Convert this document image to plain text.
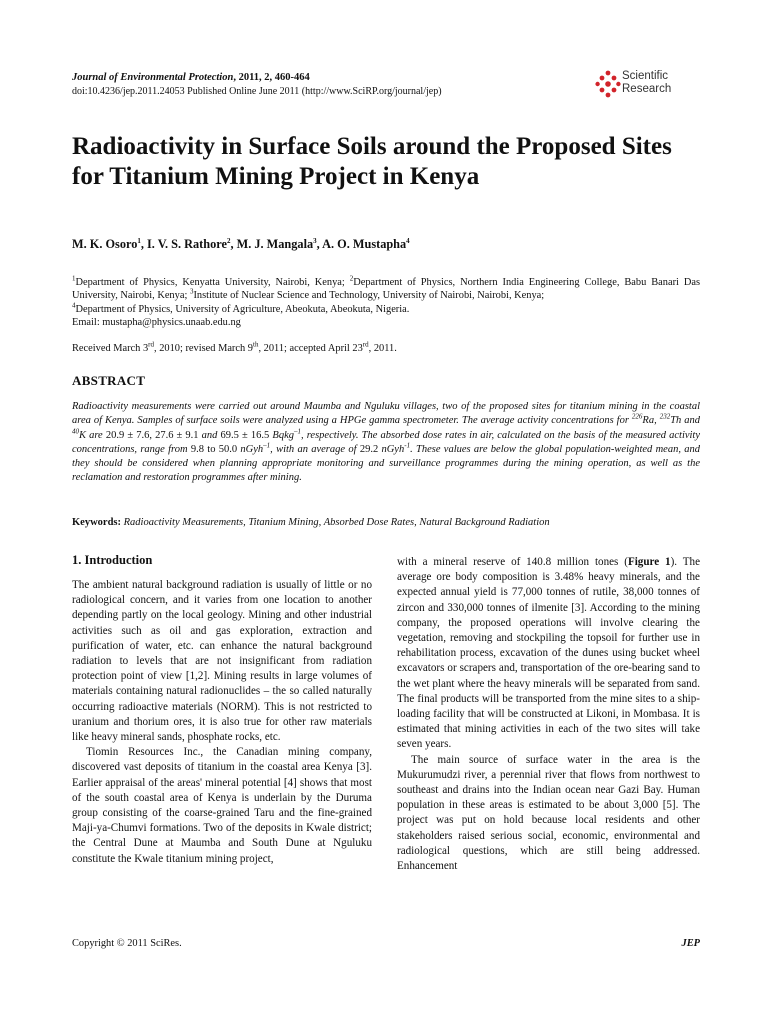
Journal of Environmental Protection, 2011, 2, 460-464
doi:10.4236/jep.2011.24053 Published Online June 2011 (http://www.SciRP.org/journal/jep)
Scientific
Research
Radioactivity in Surface Soils around the Proposed Sites for Titanium Mining Project in Kenya
M. K. Osoro$^1$, I. V. S. Rathore$^2$, M. J. Mangala$^3$, A. O. Mustapha$^4$

$^1$Department of Physics, Kenyatta University, Nairobi, Kenya; $^2$Department of Physics, Northern India Engineering College, Babu Banari Das University, Nairobi, Kenya; $^3$Institute of Nuclear Science and Technology, University of Nairobi, Nairobi, Kenya;

$^4$Department of Physics, University of Agriculture, Abeokuta, Abeokuta, Nigeria.

Email: mustapha@physics.unaab.edu.ng

Received March 3rd, 2010; revised March 9th, 2011; accepted April 23rd, 2011.
ABSTRACT
Radioactivity measurements were carried out around Maumba and Nguluku villages, two of the proposed sites for titanium mining in the coastal area of Kenya. Samples of surface soils were analyzed using a HPGe gamma spectrometer. The average activity concentrations for $^{226}$Ra, $^{232}$Th and $^{40}$K are 20.9 ± 7.6, 27.6 ± 9.1 and 69.5 ± 16.5 Bqkg$^{-1}$, respectively. The absorbed dose rates in air, calculated on the basis of the measured activity concentrations, range from 9.8 to 50.0 nGyh$^{-1}$, with an average of 29.2 nGyh$^{-1}$. These values are below the global population-weighted mean, and they should be considered when planning appropriate monitoring and surveillance programmes during the mining operation, as well as the reclamation and restoration programmes after mining.
Keywords: Radioactivity Measurements, Titanium Mining, Absorbed Dose Rates, Natural Background Radiation
1. Introduction

The ambient natural background radiation is usually of little or no radiological concern, and it varies from one location to another depending partly on the local geology. Mining and other industrial activities such as oil and gas exploration, extraction and purification of water, etc. can enhance the natural background radiation to levels that are not insignificant from radiation protection point of view [1,2]. Mining results in large volumes of materials containing natural radionuclides – the so called naturally occurring radioactive materials (NORM). This is not restricted to uranium and thorium ores, it is also true for other raw materials like heavy mineral sands, phosphate rocks, etc.

Tiomin Resources Inc., the Canadian mining company, discovered vast deposits of titanium in the coastal area Kenya [3]. Earlier appraisal of the areas' mineral potential [4] shows that most of the south coastal area of Kenya is underlain by the Duruma group consisting of the coarse-grained Taru and the fine-grained Maji-ya-Chumvi formations. Two of the deposits in Kwale district; the Central Dune at Maumba and South Dune at Nguluku constitute the Kwale titanium mining project,

with a mineral reserve of 140.8 million tones (Figure 1). The average ore body composition is 3.48% heavy minerals, and the expected annual yield is 77,000 tonnes of rutile, 38,000 tonnes of zircon and 330,000 tonnes of ilmenite [3]. According to the mining company, the proposed operations will involve clearing the vegetation, removing and stockpiling the topsoil for further use in rehabilitation process, excavation of the dunes using bucket wheel excavators or scrapers and, transportation of the ore-bearing sand to the wet plant where the heavy minerals will be separated from sand. The final products will be transported from the mine sites to a ship-loading facility that will be constructed at Likoni, in Mombasa. It is estimated that mining activities in each of the two sites will take seven years.

The main source of surface water in the area is the Mukurumudzi river, a perennial river that flows from northwest to southeast and drains into the Indian ocean near Gazi Bay. Human population in these areas is estimated to be about 3,000 [5]. The project was put on hold because local residents and other stakeholders raised serious social, economic, environmental and radiological questions, which are still being addressed. Enhancement

Copyright © 2011 SciRes.	JEP
